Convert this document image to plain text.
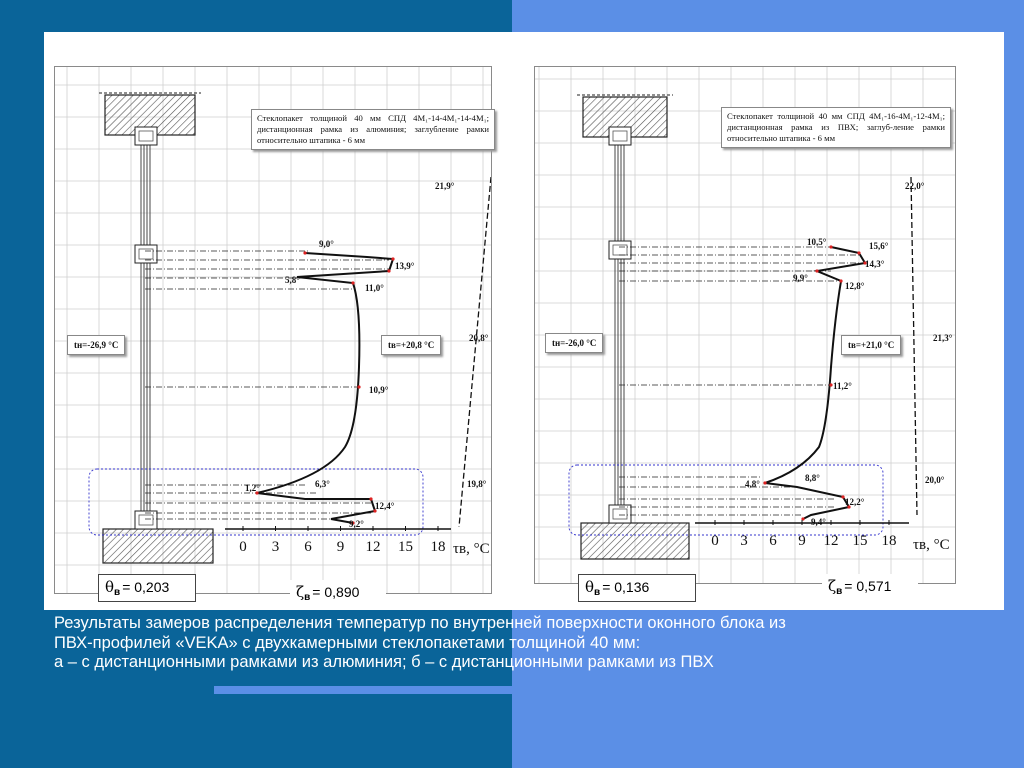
9,0°
13,9°
5,8°
11,0°
10,9°
1,2°	6,3°
12,4°
9,2°
21,9°
20,8°
19,8°
0 3 6 9 12 15 18
Стеклопакет толщиной 40 мм СПД 4М₁-14-4М₁-14-4М₁; дистанционная рамка из алюминия; заглубление рамки относительно штапика - 6 мм
tн=-26,9 °С	tв=+20,8 °С
τв, °С
10,5°	15,6°
14,3°
9,9°
12,8°
11,2°
4,8°
8,8°
12,2°
9,4°
22,0°
21,3°
20,0°
0 3 6 9 12 15 18
Стеклопакет толщиной 40 мм СПД 4М₁-16-4М₁-12-4М₁; дистанционная рамка из ПВХ; заглуб-ление рамки относительно штапика - 6 мм
tн=-26,0 °С	tв=+21,0 °С
τв, °С
$\theta_в = 0,203$	$\zeta_в = 0,890$	$\theta_в = 0,136$	$\zeta_в = 0,571$
Результаты замеров распределения температур по внутренней поверхности оконного блока из
ПВХ-профилей «VEKA» с двухкамерными стеклопакетами толщиной 40 мм:
а – с дистанционными рамками из алюминия; б – с дистанционными рамками из ПВХ
